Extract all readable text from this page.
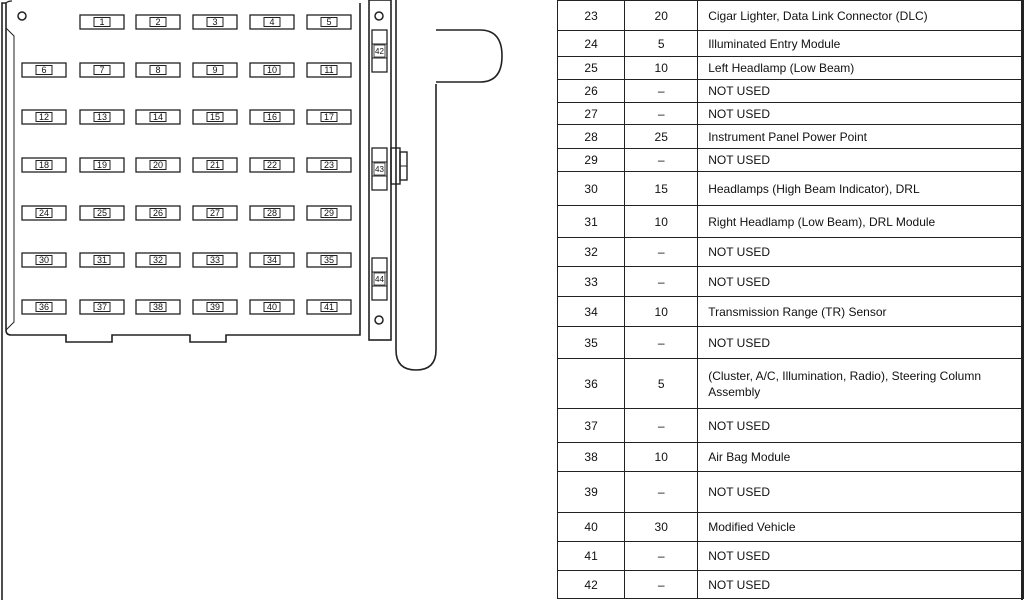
1	2	3	4	5
6	7	8	9	10	11
12	13	14	15	16	17
18	19	20	21	22	23
24	25	26	27	28	29
30	31	32	33	34	35
36	37	38	39	40	41
42
43
44
23	20	Cigar Lighter, Data Link Connector (DLC)
24	5	Illuminated Entry Module
25	10	Left Headlamp (Low Beam)
26	–	NOT USED
27	–	NOT USED
28	25	Instrument Panel Power Point
29	–	NOT USED
30	15	Headlamps (High Beam Indicator), DRL
31	10	Right Headlamp (Low Beam), DRL Module
32	–	NOT USED
33	–	NOT USED
34	10	Transmission Range (TR) Sensor
35	–	NOT USED
36	5	(Cluster, A/C, Illumination, Radio), Steering Column Assembly
37	–	NOT USED
38	10	Air Bag Module
39	–	NOT USED
40	30	Modified Vehicle
41	–	NOT USED
42	–	NOT USED
